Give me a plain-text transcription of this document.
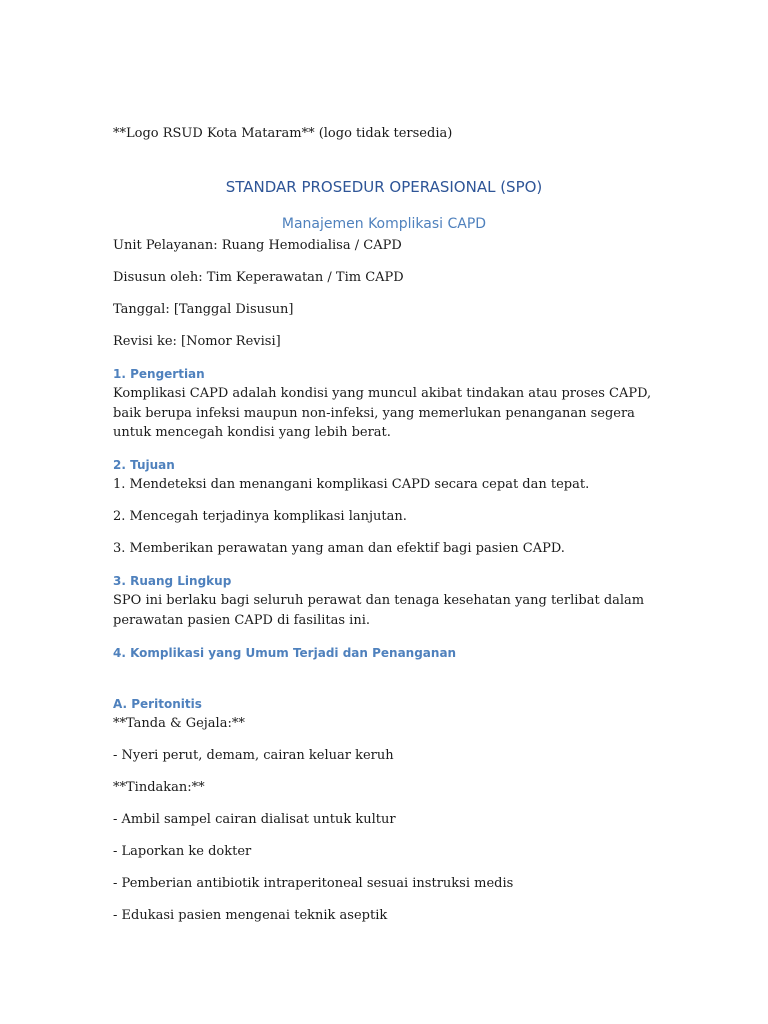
**Logo RSUD Kota Mataram** (logo tidak tersedia)
STANDAR PROSEDUR OPERASIONAL (SPO)
Manajemen Komplikasi CAPD
Unit Pelayanan: Ruang Hemodialisa / CAPD
Disusun oleh: Tim Keperawatan / Tim CAPD
Tanggal: [Tanggal Disusun]
Revisi ke: [Nomor Revisi]
1. Pengertian
Komplikasi CAPD adalah kondisi yang muncul akibat tindakan atau proses CAPD, baik berupa infeksi maupun non-infeksi, yang memerlukan penanganan segera untuk mencegah kondisi yang lebih berat.
2. Tujuan
1. Mendeteksi dan menangani komplikasi CAPD secara cepat dan tepat.
2. Mencegah terjadinya komplikasi lanjutan.
3. Memberikan perawatan yang aman dan efektif bagi pasien CAPD.
3. Ruang Lingkup
SPO ini berlaku bagi seluruh perawat dan tenaga kesehatan yang terlibat dalam perawatan pasien CAPD di fasilitas ini.
4. Komplikasi yang Umum Terjadi dan Penanganan
A. Peritonitis
**Tanda & Gejala:**
- Nyeri perut, demam, cairan keluar keruh
**Tindakan:**
- Ambil sampel cairan dialisat untuk kultur
- Laporkan ke dokter
- Pemberian antibiotik intraperitoneal sesuai instruksi medis
- Edukasi pasien mengenai teknik aseptik
